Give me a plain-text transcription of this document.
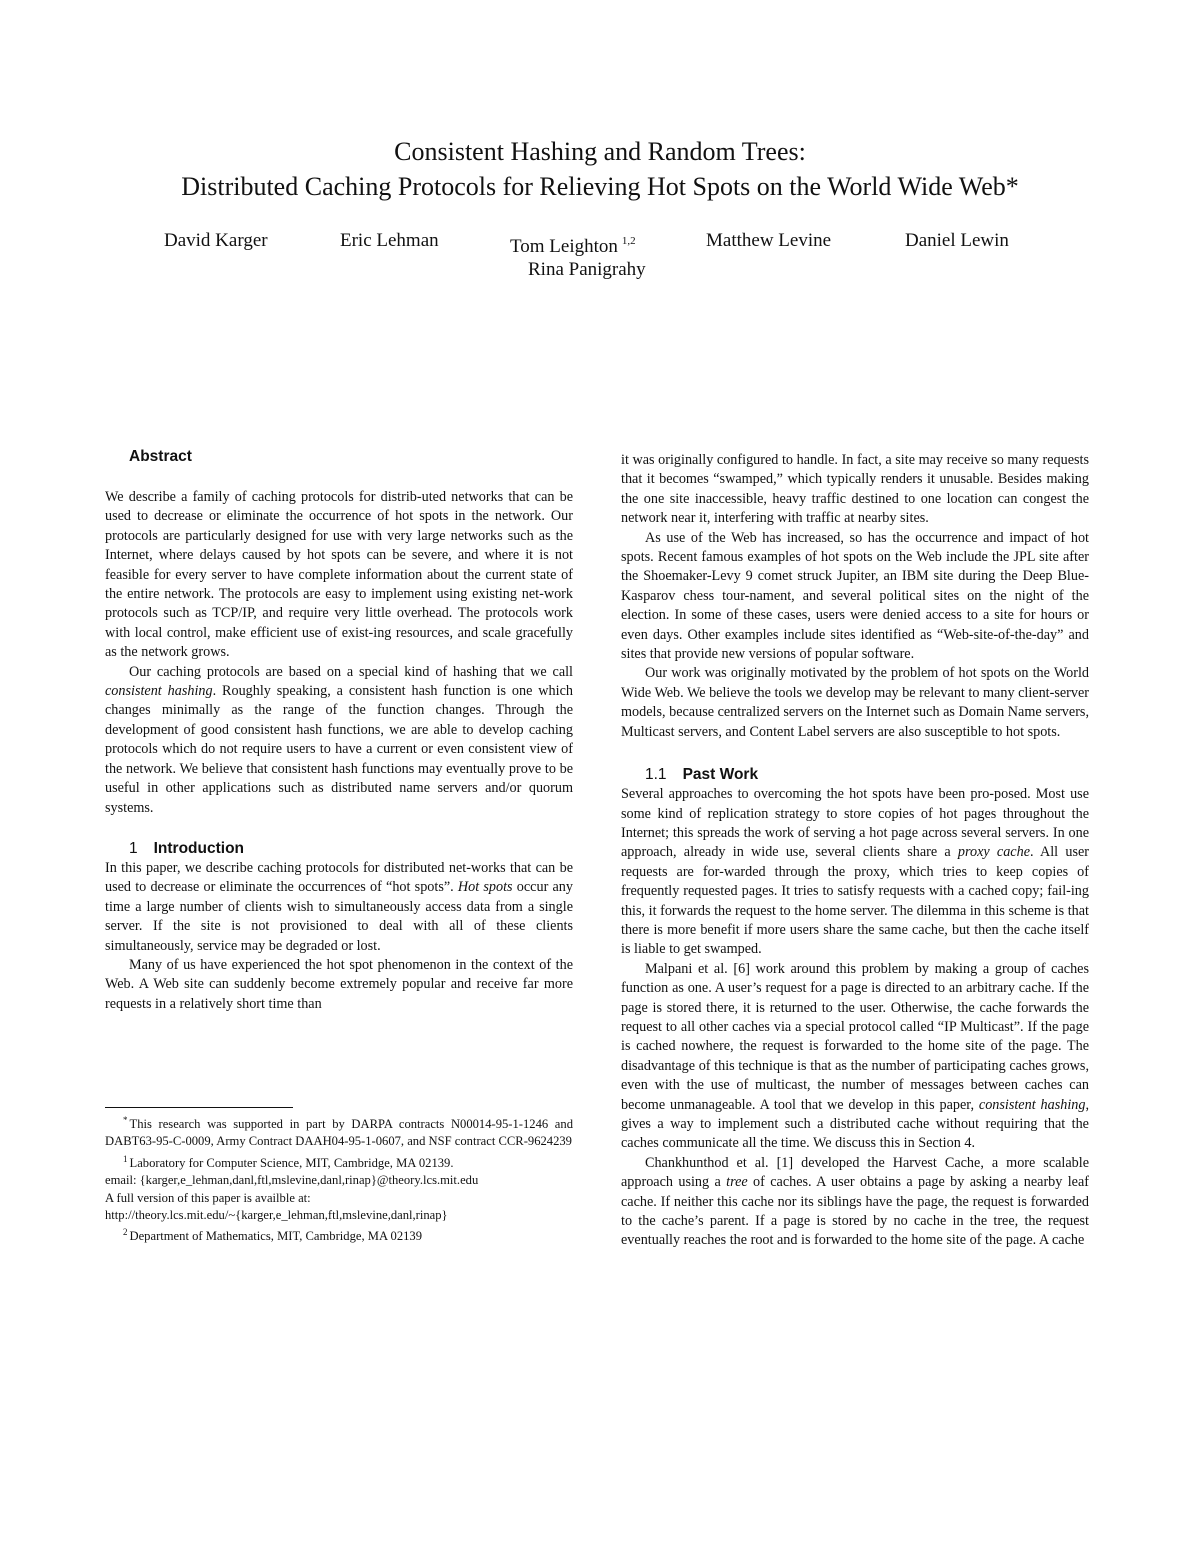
Consistent Hashing and Random Trees:
Distributed Caching Protocols for Relieving Hot Spots on the World Wide Web*
David Karger	Eric Lehman	Tom Leighton $^{1,2}$	Matthew Levine	Daniel Lewin
Rina Panigrahy

Abstract

We describe a family of caching protocols for distrib-uted networks that can be used to decrease or eliminate the occurrence of hot spots in the network. Our protocols are particularly designed for use with very large networks such as the Internet, where delays caused by hot spots can be severe, and where it is not feasible for every server to have complete information about the current state of the entire network. The protocols are easy to implement using existing net-work protocols such as TCP/IP, and require very little overhead. The protocols work with local control, make efficient use of exist-ing resources, and scale gracefully as the network grows.

Our caching protocols are based on a special kind of hashing that we call consistent hashing. Roughly speaking, a consistent hash function is one which changes minimally as the range of the function changes. Through the development of good consistent hash functions, we are able to develop caching protocols which do not require users to have a current or even consistent view of the network. We believe that consistent hash functions may eventually prove to be useful in other applications such as distributed name servers and/or quorum systems.

1 Introduction

In this paper, we describe caching protocols for distributed net-works that can be used to decrease or eliminate the occurrences of “hot spots”. Hot spots occur any time a large number of clients wish to simultaneously access data from a single server. If the site is not provisioned to deal with all of these clients simultaneously, service may be degraded or lost.

Many of us have experienced the hot spot phenomenon in the context of the Web. A Web site can suddenly become extremely popular and receive far more requests in a relatively short time than

* This research was supported in part by DARPA contracts N00014-95-1-1246 and DABT63-95-C-0009, Army Contract DAAH04-95-1-0607, and NSF contract CCR-9624239

$^1$ Laboratory for Computer Science, MIT, Cambridge, MA 02139.

email: {karger,e_lehman,danl,ftl,mslevine,danl,rinap}@theory.lcs.mit.edu

A full version of this paper is availble at:

http://theory.lcs.mit.edu/~{karger,e_lehman,ftl,mslevine,danl,rinap}

$^2$ Department of Mathematics, MIT, Cambridge, MA 02139

it was originally configured to handle. In fact, a site may receive so many requests that it becomes “swamped,” which typically renders it unusable. Besides making the one site inaccessible, heavy traffic destined to one location can congest the network near it, interfering with traffic at nearby sites.

As use of the Web has increased, so has the occurrence and impact of hot spots. Recent famous examples of hot spots on the Web include the JPL site after the Shoemaker-Levy 9 comet struck Jupiter, an IBM site during the Deep Blue-Kasparov chess tour-nament, and several political sites on the night of the election. In some of these cases, users were denied access to a site for hours or even days. Other examples include sites identified as “Web-site-of-the-day” and sites that provide new versions of popular software.

Our work was originally motivated by the problem of hot spots on the World Wide Web. We believe the tools we develop may be relevant to many client-server models, because centralized servers on the Internet such as Domain Name servers, Multicast servers, and Content Label servers are also susceptible to hot spots.

1.1 Past Work

Several approaches to overcoming the hot spots have been pro-posed. Most use some kind of replication strategy to store copies of hot pages throughout the Internet; this spreads the work of serving a hot page across several servers. In one approach, already in wide use, several clients share a proxy cache. All user requests are for-warded through the proxy, which tries to keep copies of frequently requested pages. It tries to satisfy requests with a cached copy; fail-ing this, it forwards the request to the home server. The dilemma in this scheme is that there is more benefit if more users share the same cache, but then the cache itself is liable to get swamped.

Malpani et al. [6] work around this problem by making a group of caches function as one. A user’s request for a page is directed to an arbitrary cache. If the page is stored there, it is returned to the user. Otherwise, the cache forwards the request to all other caches via a special protocol called “IP Multicast”. If the page is cached nowhere, the request is forwarded to the home site of the page. The disadvantage of this technique is that as the number of participating caches grows, even with the use of multicast, the number of messages between caches can become unmanageable. A tool that we develop in this paper, consistent hashing, gives a way to implement such a distributed cache without requiring that the caches communicate all the time. We discuss this in Section 4.

Chankhunthod et al. [1] developed the Harvest Cache, a more scalable approach using a tree of caches. A user obtains a page by asking a nearby leaf cache. If neither this cache nor its siblings have the page, the request is forwarded to the cache’s parent. If a page is stored by no cache in the tree, the request eventually reaches the root and is forwarded to the home site of the page. A cache
